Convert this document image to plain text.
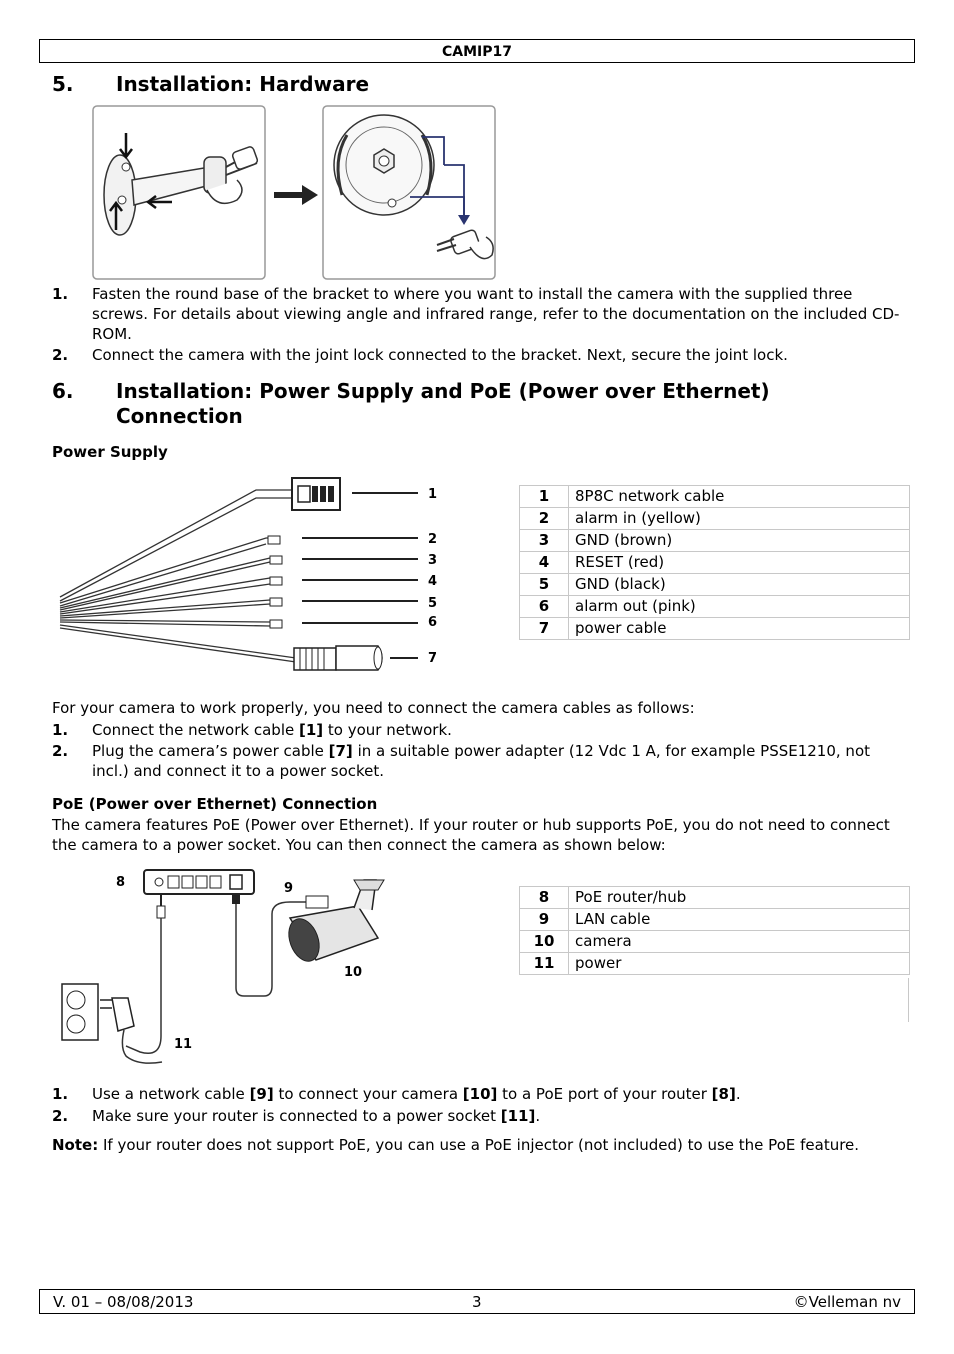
CAMIP17
5. Installation: Hardware
1. Fasten the round base of the bracket to where you want to install the camera with the supplied three screws. For details about viewing angle and infrared range, refer to the documentation on the included CD-ROM.
2. Connect the camera with the joint lock connected to the bracket. Next, secure the joint lock.
6. Installation: Power Supply and PoE (Power over Ethernet) Connection
Power Supply
1
2
3
4
5
6
7
1	8P8C network cable
2	alarm in (yellow)
3	GND (brown)
4	RESET (red)
5	GND (black)
6	alarm out (pink)
7	power cable
For your camera to work properly, you need to connect the camera cables as follows:
1. Connect the network cable [1] to your network.
2. Plug the camera’s power cable [7] in a suitable power adapter (12 Vdc 1 A, for example PSSE1210, not incl.) and connect it to a power socket.
PoE (Power over Ethernet) Connection
The camera features PoE (Power over Ethernet). If your router or hub supports PoE, you do not need to connect the camera to a power socket. You can then connect the camera as shown below:
8	9
10
11
8	PoE router/hub
9	LAN cable
10	camera
11	power
1. Use a network cable [9] to connect your camera [10] to a PoE port of your router [8].
2. Make sure your router is connected to a power socket [11].
Note: If your router does not support PoE, you can use a PoE injector (not included) to use the PoE feature.
V. 01 – 08/08/2013	3	©Velleman nv
